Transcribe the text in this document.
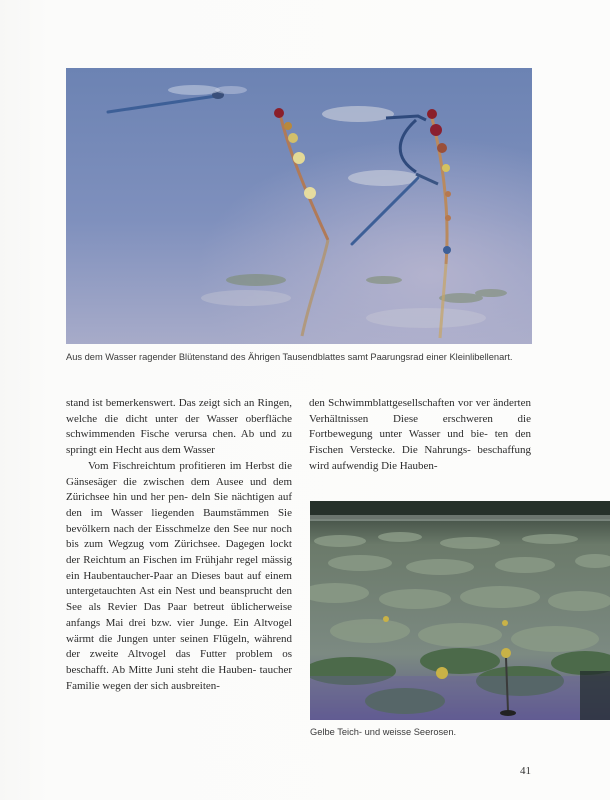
Aus dem Wasser ragender Blütenstand des Ährigen Tausendblattes samt Paarungsrad einer Kleinlibellenart.

stand ist bemerkenswert. Das zeigt sich an Ringen, welche die dicht unter der Wasser oberfläche schwimmenden Fische verursa chen. Ab und zu springt ein Hecht aus dem Wasser

Vom Fischreichtum profitieren im Herbst die Gänsesäger die zwischen dem Ausee und dem Zürichsee hin und her pen- deln Sie nächtigen auf den im Wasser liegenden Baumstämmen Sie bevölkern nach der Eisschmelze den See nur noch bis zum Wegzug vom Zürichsee. Dagegen lockt der Reichtum an Fischen im Frühjahr regel mässig ein Haubentaucher-Paar an Dieses baut auf einem untergetauchten Ast ein Nest und beansprucht den See als Revier Das Paar betreut üblicherweise anfangs Mai drei bzw. vier Junge. Ein Altvogel wärmt die Jungen unter seinen Flügeln, während der zweite Altvogel das Futter problem os beschafft. Ab Mitte Juni steht die Hauben- taucher Familie wegen der sich ausbreiten-

den Schwimmblattgesellschaften vor ver änderten Verhältnissen Diese erschweren die Fortbewegung unter Wasser und bie- ten den Fischen Verstecke. Die Nahrungs- beschaffung wird aufwendig Die Hauben-

Gelbe Teich- und weisse Seerosen.
41
